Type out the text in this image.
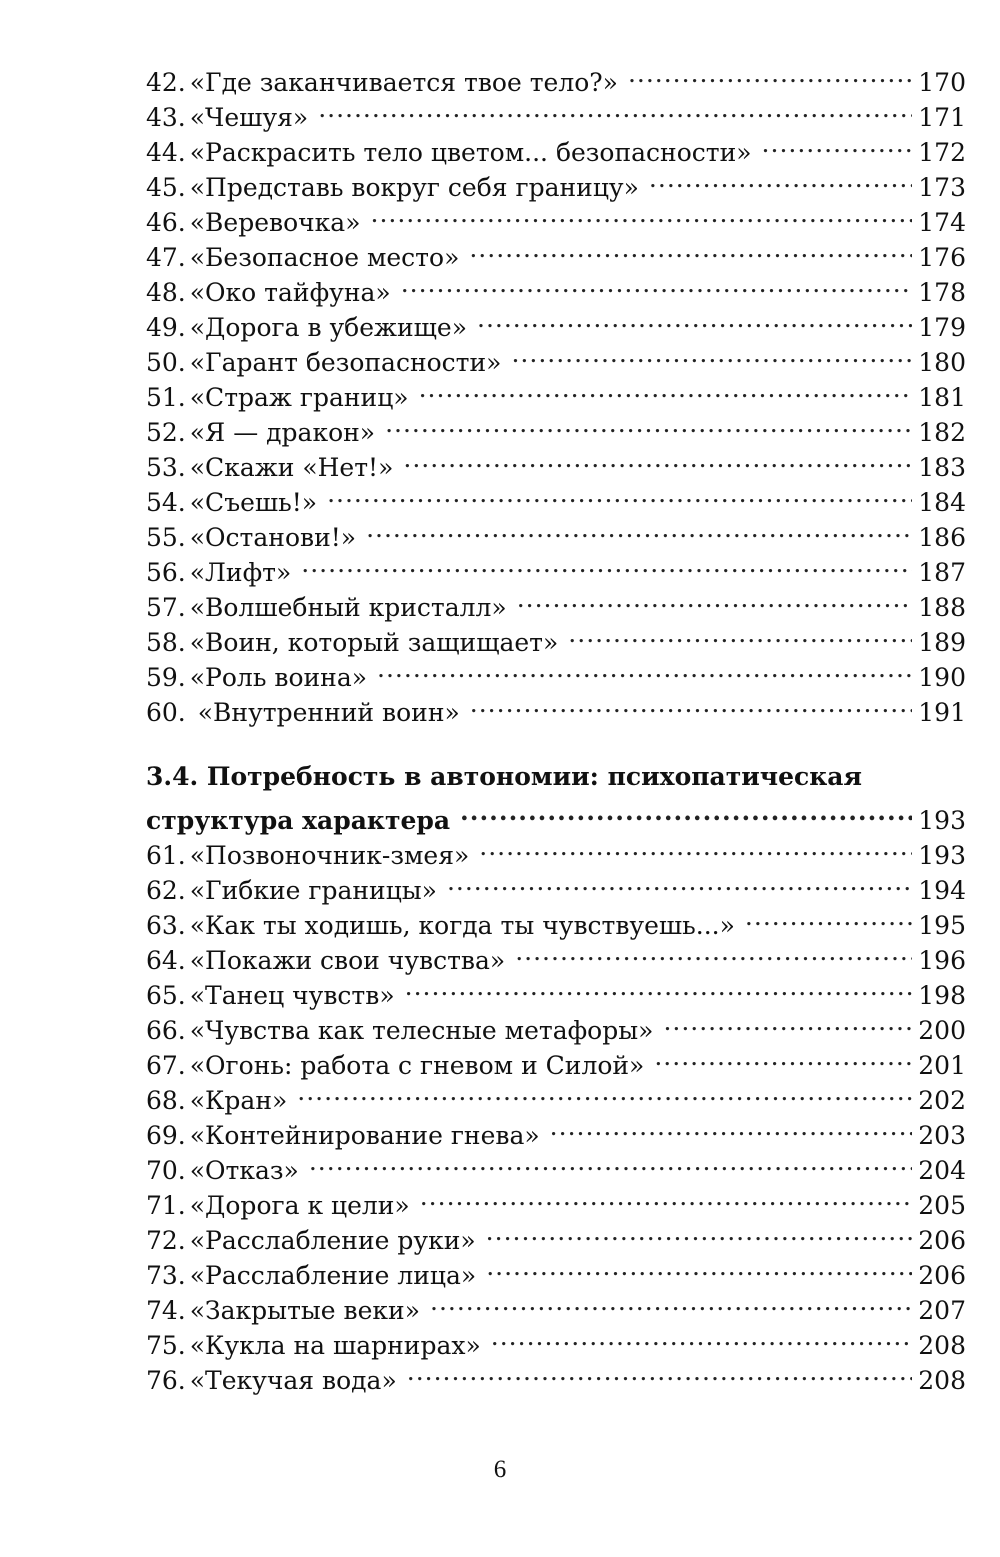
42. «Где заканчивается твое тело?» .....	170
43. «Чешуя» .....	171
44. «Раскрасить тело цветом... безопасности» .....	172
45. «Представь вокруг себя границу» .....	173
46. «Веревочка» .....	174
47. «Безопасное место» .....	176
48. «Око тайфуна» .....	178
49. «Дорога в убежище» .....	179
50. «Гарант безопасности» .....	180
51. «Страж границ» .....	181
52. «Я — дракон» .....	182
53. «Скажи «Нет!» .....	183
54. «Съешь!» .....	184
55. «Останови!» .....	186
56. «Лифт» .....	187
57. «Волшебный кристалл» .....	188
58. «Воин, который защищает» .....	189
59. «Роль воина» .....	190
60. «Внутренний воин» .....	191
3.4. Потребность в автономии: психопатическая
структура характера .....	193
61. «Позвоночник-змея» .....	193
62. «Гибкие границы» .....	194
63. «Как ты ходишь, когда ты чувствуешь...» .....	195
64. «Покажи свои чувства» .....	196
65. «Танец чувств» .....	198
66. «Чувства как телесные метафоры» .....	200
67. «Огонь: работа с гневом и Силой» .....	201
68. «Кран» .....	202
69. «Контейнирование гнева» .....	203
70. «Отказ» .....	204
71. «Дорога к цели» .....	205
72. «Расслабление руки» .....	206
73. «Расслабление лица» .....	206
74. «Закрытые веки» .....	207
75. «Кукла на шарнирах» .....	208
76. «Текучая вода» .....	208
6
